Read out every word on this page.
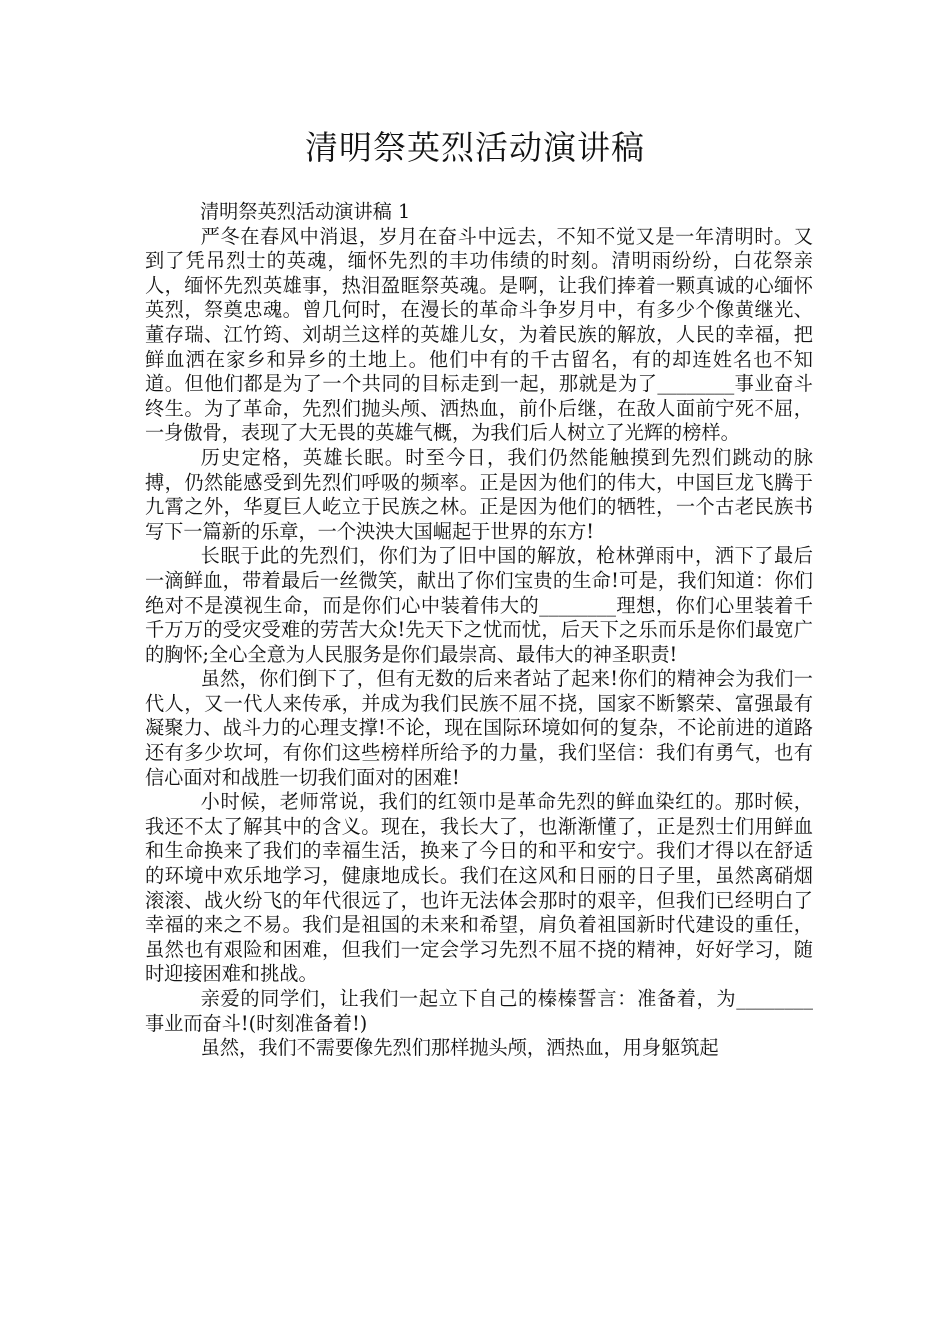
清明祭英烈活动演讲稿

清明祭英烈活动演讲稿 1

严冬在春风中消退，岁月在奋斗中远去，不知不觉又是一年清明时。又到了凭吊烈士的英魂，缅怀先烈的丰功伟绩的时刻。清明雨纷纷，白花祭亲人，缅怀先烈英雄事，热泪盈眶祭英魂。是啊，让我们捧着一颗真诚的心缅怀英烈，祭奠忠魂。曾几何时，在漫长的革命斗争岁月中，有多少个像黄继光、董存瑞、江竹筠、刘胡兰这样的英雄儿女，为着民族的解放，人民的幸福，把鲜血洒在家乡和异乡的土地上。他们中有的千古留名，有的却连姓名也不知道。但他们都是为了一个共同的目标走到一起，那就是为了________事业奋斗终生。为了革命，先烈们抛头颅、洒热血，前仆后继，在敌人面前宁死不屈，一身傲骨，表现了大无畏的英雄气概，为我们后人树立了光辉的榜样。

历史定格，英雄长眠。时至今日，我们仍然能触摸到先烈们跳动的脉搏，仍然能感受到先烈们呼吸的频率。正是因为他们的伟大，中国巨龙飞腾于九霄之外，华夏巨人屹立于民族之林。正是因为他们的牺牲，一个古老民族书写下一篇新的乐章，一个泱泱大国崛起于世界的东方!

长眠于此的先烈们，你们为了旧中国的解放，枪林弹雨中，洒下了最后一滴鲜血，带着最后一丝微笑，献出了你们宝贵的生命!可是，我们知道：你们绝对不是漠视生命，而是你们心中装着伟大的________理想，你们心里装着千千万万的受灾受难的劳苦大众!先天下之忧而忧，后天下之乐而乐是你们最宽广的胸怀;全心全意为人民服务是你们最崇高、最伟大的神圣职责!

虽然，你们倒下了，但有无数的后来者站了起来!你们的精神会为我们一代人，又一代人来传承，并成为我们民族不屈不挠，国家不断繁荣、富强最有凝聚力、战斗力的心理支撑!不论，现在国际环境如何的复杂，不论前进的道路还有多少坎坷，有你们这些榜样所给予的力量，我们坚信：我们有勇气，也有信心面对和战胜一切我们面对的困难!

小时候，老师常说，我们的红领巾是革命先烈的鲜血染红的。那时候，我还不太了解其中的含义。现在，我长大了，也渐渐懂了，正是烈士们用鲜血和生命换来了我们的幸福生活，换来了今日的和平和安宁。我们才得以在舒适的环境中欢乐地学习，健康地成长。我们在这风和日丽的日子里，虽然离硝烟滚滚、战火纷飞的年代很远了，也许无法体会那时的艰辛，但我们已经明白了幸福的来之不易。我们是祖国的未来和希望，肩负着祖国新时代建设的重任，虽然也有艰险和困难，但我们一定会学习先烈不屈不挠的精神，好好学习，随时迎接困难和挑战。

亲爱的同学们，让我们一起立下自己的榛榛誓言：准备着，为________事业而奋斗!(时刻准备着!)

虽然，我们不需要像先烈们那样抛头颅，洒热血，用身躯筑起
